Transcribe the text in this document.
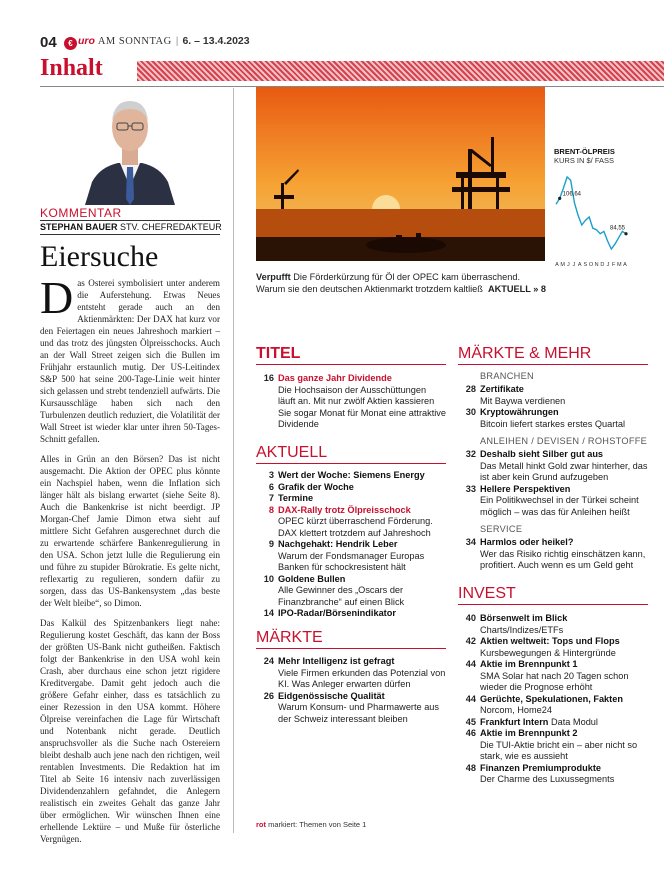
04	€ uro AM SONNTAG | 6. – 13.4.2023
Inhalt
KOMMENTAR
STEPHAN BAUER STV. CHEFREDAKTEUR
Eiersuche

Das Osterei symbolisiert unter anderem die Auferstehung. Etwas Neues entsteht gerade auch an den Aktienmärkten: Der DAX hat kurz vor den Feiertagen ein neues Jahreshoch markiert – und das trotz des jüngsten Ölpreisschocks. Auch an der Wall Street zeigen sich die Bullen im Frühjahr erstaunlich mutig. Der US-Leitindex S&P 500 hat seine 200-Tage-Linie weit hinter sich gelassen und strebt tendenziell aufwärts. Die Kursausschläge haben sich nach den Turbulenzen deutlich reduziert, die Volatilität der Wall Street ist wieder klar unter ihren 50-Tages-Schnitt gefallen.

Alles in Grün an den Börsen? Das ist nicht ausgemacht. Die Aktion der OPEC plus könnte ein Nachspiel haben, wenn die Inflation sich länger hält als bislang erwartet (siehe Seite 8). Auch die Bankenkrise ist nicht beerdigt. JP Morgan-Chef Jamie Dimon etwa sieht auf mittlere Sicht Gefahren ausgerechnet durch die zu erwartende schärfere Bankenregulierung in den USA. Schon jetzt lulle die Regulierung ein und führe zu stupider Bürokratie. Es gelte nicht, reflexartig zu regulieren, sondern dafür zu sorgen, dass das US-Bankensystem „das beste der Welt bleibe“, so Dimon.

Das Kalkül des Spitzenbankers liegt nahe: Regulierung kostet Geschäft, das kann der Boss der größten US-Bank nicht gutheißen. Faktisch folgt der Bankenkrise in den USA wohl kein Crash, aber durchaus eine schon jetzt rigidere Kreditvergabe. Damit geht jedoch auch die größere Gefahr einher, dass es tatsächlich zu einer Rezession in den USA kommt. Höhere Ölpreise vereinfachen die Lage für Wirtschaft und Notenbank nicht gerade. Deutlich anspruchsvoller als die Suche nach Ostereiern bleibt deshalb auch jene nach den richtigen, weil rentablen Investments. Die Redaktion hat im Titel ab Seite 16 intensiv nach zuverlässigen Dividendenzahlern gefahndet, die Anlegern realistisch ein zweites Gehalt das ganze Jahr über ermöglichen. Wir wünschen Ihnen eine erhellende Lektüre – und Muße für österliche Vergnügen.

BRENT-ÖLPREIS
KURS IN $/ FASS
106,64
84,55
A M J J A S O N D J F M A
Verpufft Die Förderkürzung für Öl der OPEC kam überraschend. Warum sie den deutschen Aktienmarkt trotzdem kaltließ AKTUELL » 8
TITEL
16 Das ganze Jahr Dividende
Die Hochsaison der Ausschüttungen läuft an. Mit nur zwölf Aktien kassieren Sie sogar Monat für Monat eine attraktive Dividende
AKTUELL
3 Wert der Woche: Siemens Energy
6 Grafik der Woche
7 Termine
8 DAX-Rally trotz Ölpreisschock
OPEC kürzt überraschend Förderung. DAX klettert trotzdem auf Jahreshoch
9 Nachgehakt: Hendrik Leber
Warum der Fondsmanager Europas Banken für schockresistent hält
10 Goldene Bullen
Alle Gewinner des „Oscars der Finanzbranche“ auf einen Blick
14 IPO-Radar/Börsenindikator
MÄRKTE
24 Mehr Intelligenz ist gefragt
Viele Firmen erkunden das Potenzial von KI. Was Anleger erwarten dürfen
26 Eidgenössische Qualität
Warum Konsum- und Pharmawerte aus der Schweiz interessant bleiben
MÄRKTE & MEHR
BRANCHEN
28 Zertifikate
Mit Baywa verdienen
30 Kryptowährungen
Bitcoin liefert starkes erstes Quartal
ANLEIHEN / DEVISEN / ROHSTOFFE
32 Deshalb sieht Silber gut aus
Das Metall hinkt Gold zwar hinterher, das ist aber kein Grund aufzugeben
33 Hellere Perspektiven
Ein Politikwechsel in der Türkei scheint möglich – was das für Anleihen heißt
SERVICE
34 Harmlos oder heikel?
Wer das Risiko richtig einschätzen kann, profitiert. Auch wenn es um Geld geht
INVEST
40 Börsenwelt im Blick
Charts/Indizes/ETFs
42 Aktien weltweit: Tops und Flops
Kursbewegungen & Hintergründe
44 Aktie im Brennpunkt 1
SMA Solar hat nach 20 Tagen schon wieder die Prognose erhöht
44 Gerüchte, Spekulationen, Fakten
Norcom, Home24
45 Frankfurt Intern Data Modul
46 Aktie im Brennpunkt 2
Die TUI-Aktie bricht ein – aber nicht so stark, wie es aussieht
48 Finanzen Premiumprodukte
Der Charme des Luxussegments
rot markiert: Themen von Seite 1
